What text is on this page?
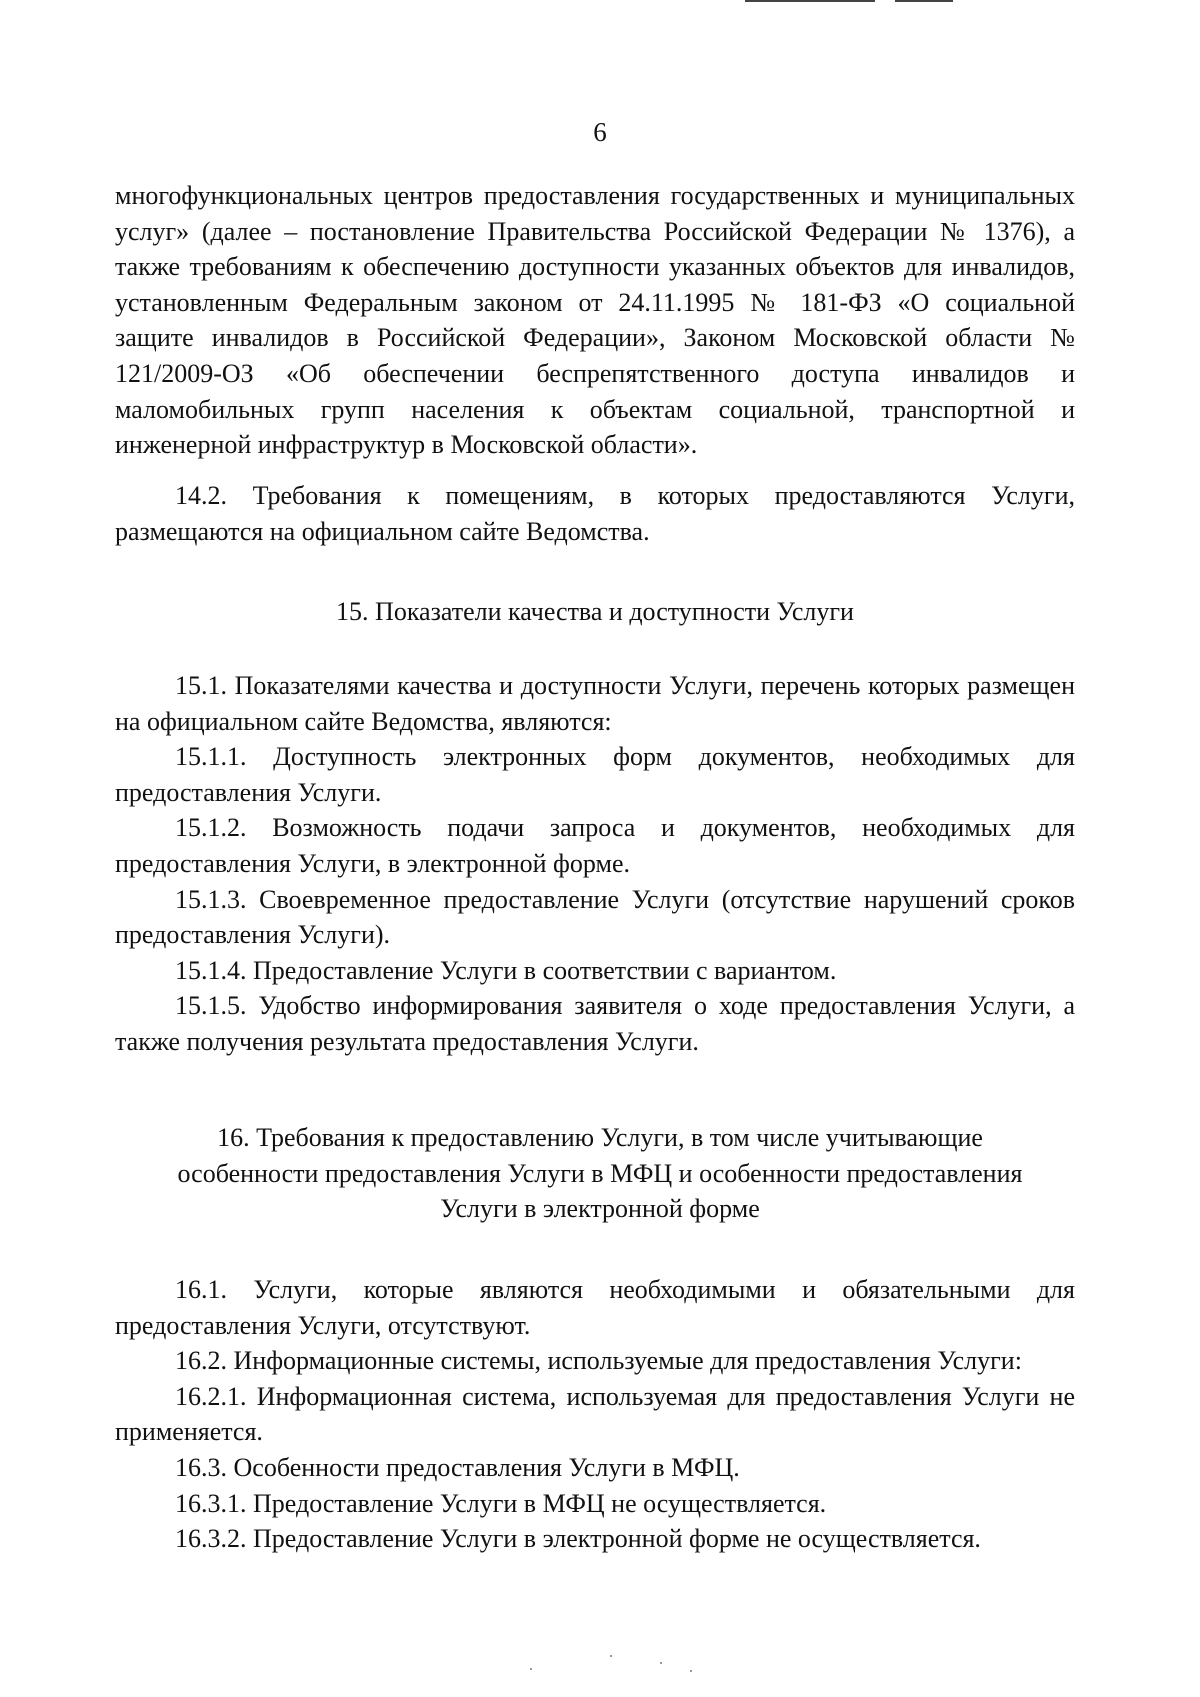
6

многофункциональных центров предоставления государственных и муниципальных услуг» (далее – постановление Правительства Российской Федерации № 1376), а также требованиям к обеспечению доступности указанных объектов для инвалидов, установленным Федеральным законом от 24.11.1995 № 181-ФЗ «О социальной защите инвалидов в Российской Федерации», Законом Московской области № 121/2009-ОЗ «Об обеспечении беспрепятственного доступа инвалидов и маломобильных групп населения к объектам социальной, транспортной и инженерной инфраструктур в Московской области».

14.2. Требования к помещениям, в которых предоставляются Услуги, размещаются на официальном сайте Ведомства.

15. Показатели качества и доступности Услуги

15.1. Показателями качества и доступности Услуги, перечень которых размещен на официальном сайте Ведомства, являются:

15.1.1. Доступность электронных форм документов, необходимых для предоставления Услуги.

15.1.2. Возможность подачи запроса и документов, необходимых для предоставления Услуги, в электронной форме.

15.1.3. Своевременное предоставление Услуги (отсутствие нарушений сроков предоставления Услуги).

15.1.4. Предоставление Услуги в соответствии с вариантом.

15.1.5. Удобство информирования заявителя о ходе предоставления Услуги, а также получения результата предоставления Услуги.

16. Требования к предоставлению Услуги, в том числе учитывающие особенности предоставления Услуги в МФЦ и особенности предоставления Услуги в электронной форме

16.1. Услуги, которые являются необходимыми и обязательными для предоставления Услуги, отсутствуют.

16.2. Информационные системы, используемые для предоставления Услуги:

16.2.1. Информационная система, используемая для предоставления Услуги не применяется.

16.3. Особенности предоставления Услуги в МФЦ.

16.3.1. Предоставление Услуги в МФЦ не осуществляется.

16.3.2. Предоставление Услуги в электронной форме не осуществляется.
